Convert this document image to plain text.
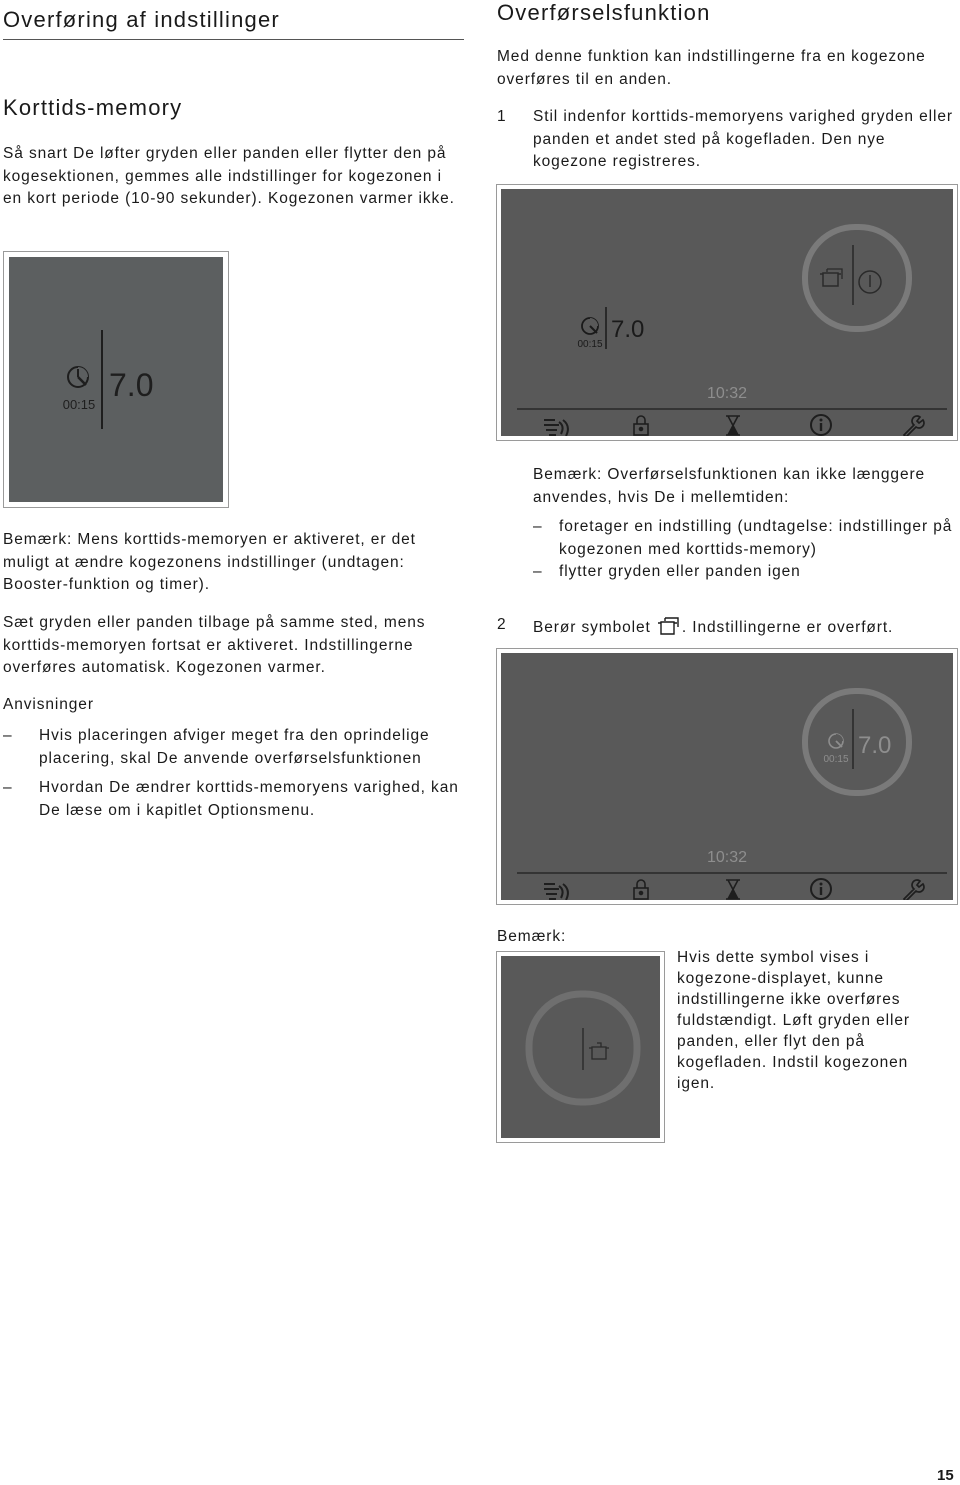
Overføring af indstillinger
Korttids-memory

Så snart De løfter gryden eller panden eller flytter den på kogesektionen, gemmes alle indstillinger for kogezonen i en kort periode (10-90 sekunder). Kogezonen varmer ikke.

00:15
7.0

Bemærk: Mens korttids-memoryen er aktiveret, er det muligt at ændre kogezonens indstillinger (undtagen: Booster-funktion og timer).

Sæt gryden eller panden tilbage på samme sted, mens korttids-memoryen fortsat er aktiveret. Indstillingerne overføres automatisk. Kogezonen varmer.

Anvisninger
– Hvis placeringen afviger meget fra den oprindelige placering, skal De anvende overførselsfunktionen
– Hvordan De ændrer korttids-memoryens varighed, kan De læse om i kapitlet Optionsmenu.
Overførselsfunktion

Med denne funktion kan indstillingerne fra en kogezone overføres til en anden.

1 Stil indenfor korttids-memoryens varighed gryden eller panden et andet sted på kogefladen. Den nye kogezone registreres.

00:15
7.0
10:32

Bemærk: Overførselsfunktionen kan ikke længgere anvendes, hvis De i mellemtiden:

– foretager en indstilling (undtagelse: indstillinger på kogezonen med korttids-memory)
– flytter gryden eller panden igen
2 Berør symbolet . Indstillingerne er overført.

00:15
7.0
10:32
Bemærk:

Hvis dette symbol vises i kogezone-displayet, kunne indstillingerne ikke overføres fuldstændigt. Løft gryden eller panden, eller flyt den på kogefladen. Indstil kogezonen igen.

15
